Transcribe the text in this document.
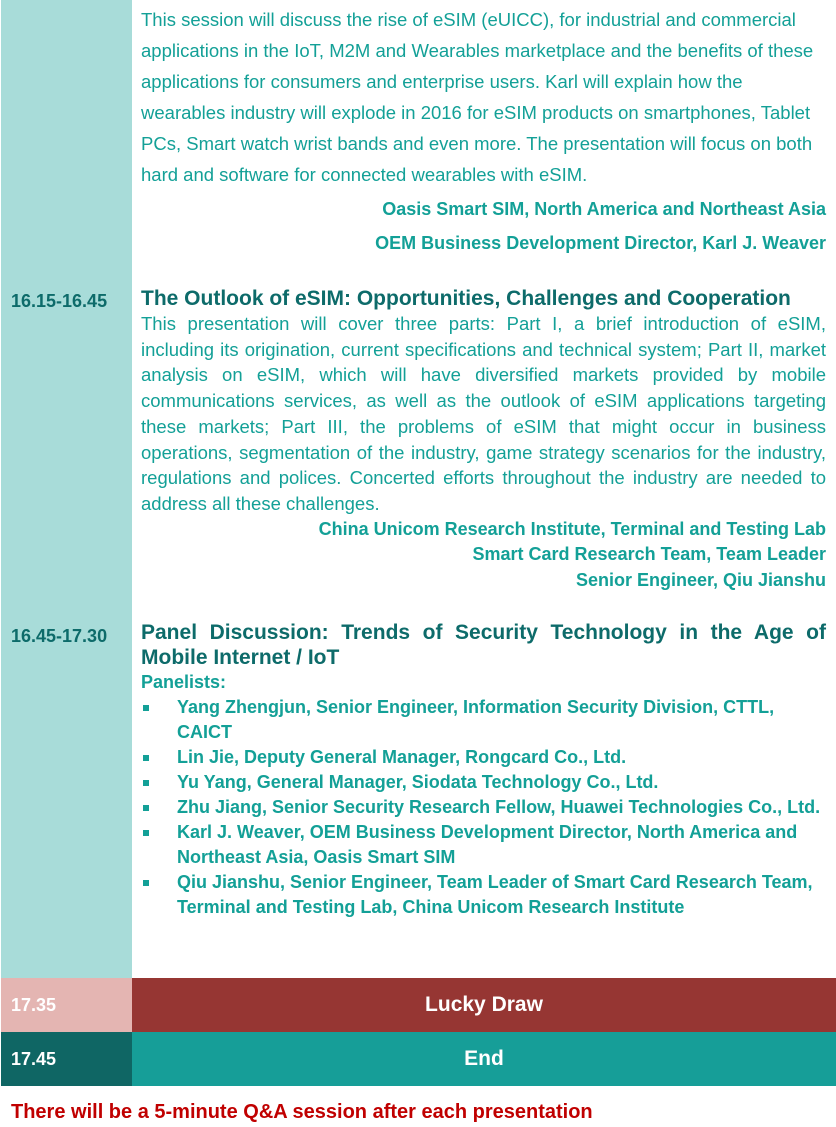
This session will discuss the rise of eSIM (eUICC), for industrial and commercial applications in the IoT, M2M and Wearables marketplace and the benefits of these applications for consumers and enterprise users. Karl will explain how the wearables industry will explode in 2016 for eSIM products on smartphones, Tablet PCs, Smart watch wrist bands and even more. The presentation will focus on both hard and software for connected wearables with eSIM.
Oasis Smart SIM, North America and Northeast Asia
OEM Business Development Director, Karl J. Weaver
16.15-16.45 The Outlook of eSIM: Opportunities, Challenges and Cooperation
This presentation will cover three parts: Part I, a brief introduction of eSIM, including its origination, current specifications and technical system; Part II, market analysis on eSIM, which will have diversified markets provided by mobile communications services, as well as the outlook of eSIM applications targeting these markets; Part III, the problems of eSIM that might occur in business operations, segmentation of the industry, game strategy scenarios for the industry, regulations and polices. Concerted efforts throughout the industry are needed to address all these challenges.
China Unicom Research Institute, Terminal and Testing Lab
Smart Card Research Team, Team Leader
Senior Engineer, Qiu Jianshu
16.45-17.30 Panel Discussion: Trends of Security Technology in the Age of Mobile Internet / IoT
Panelists:
Yang Zhengjun, Senior Engineer, Information Security Division, CTTL, CAICT
Lin Jie, Deputy General Manager, Rongcard Co., Ltd.
Yu Yang, General Manager, Siodata Technology Co., Ltd.
Zhu Jiang, Senior Security Research Fellow, Huawei Technologies Co., Ltd.
Karl J. Weaver, OEM Business Development Director, North America and Northeast Asia, Oasis Smart SIM
Qiu Jianshu, Senior Engineer, Team Leader of Smart Card Research Team, Terminal and Testing Lab, China Unicom Research Institute
17.35	Lucky Draw
17.45	End
There will be a 5-minute Q&A session after each presentation
